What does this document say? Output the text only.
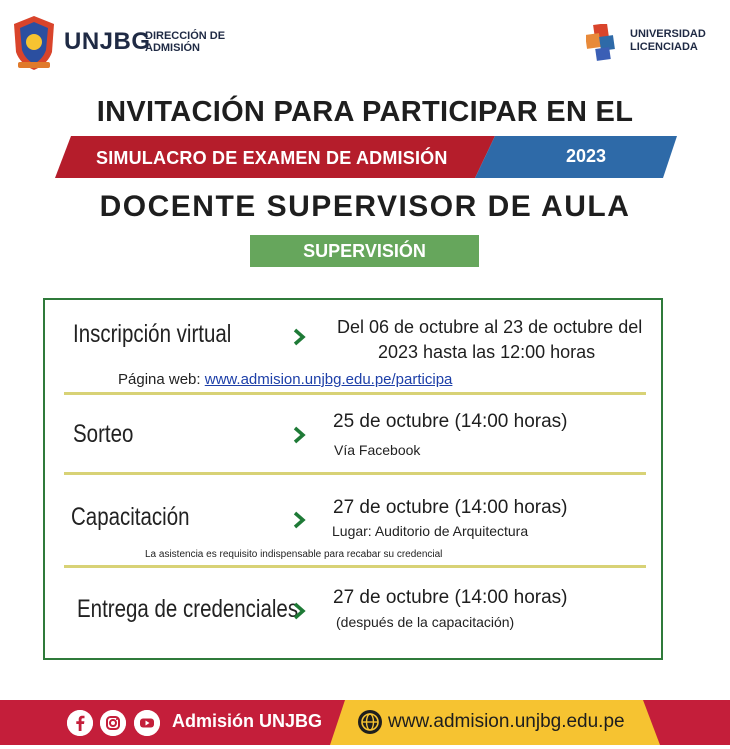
UNJBG
DIRECCIÓN DE
ADMISIÓN
UNIVERSIDAD
LICENCIADA
INVITACIÓN PARA PARTICIPAR EN EL
SIMULACRO DE EXAMEN DE ADMISIÓN	2023
DOCENTE SUPERVISOR DE AULA
SUPERVISIÓN
Inscripción virtual	Del 06 de octubre al 23 de octubre del
2023 hasta las 12:00 horas
Página web: www.admision.unjbg.edu.pe/participa
Sorteo	25 de octubre (14:00 horas)
Vía Facebook
Capacitación	27 de octubre (14:00 horas)
Lugar: Auditorio de Arquitectura
La asistencia es requisito indispensable para recabar su credencial
Entrega de credenciales 27 de octubre (14:00 horas)
(después de la capacitación)
Admisión UNJBG	www.admision.unjbg.edu.pe
